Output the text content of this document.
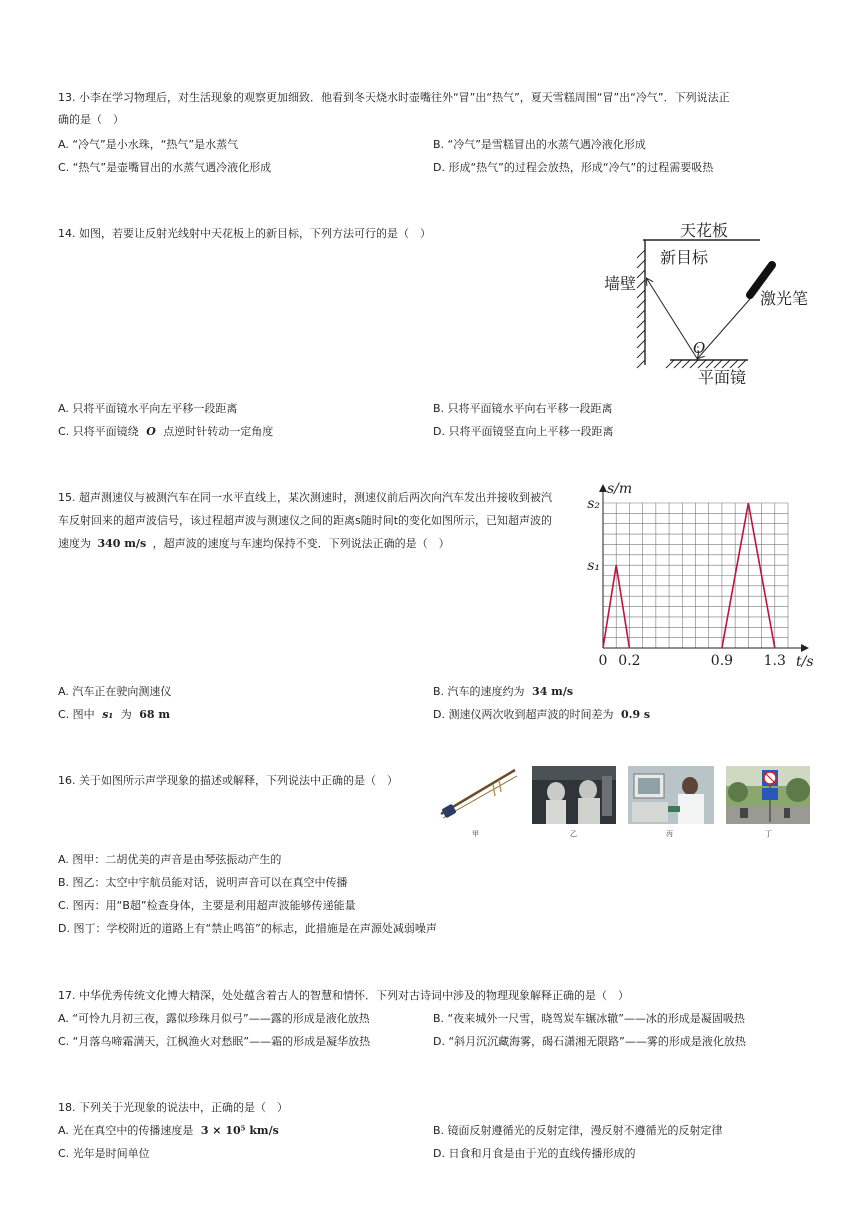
13. 小李在学习物理后，对生活现象的观察更加细致．他看到冬天烧水时壶嘴往外“冒”出“热气”，夏天雪糕周围“冒”出“冷气”．下列说法正
确的是（　）
A. “冷气”是小水珠，“热气”是水蒸气	B. “冷气”是雪糕冒出的水蒸气遇冷液化形成
C. “热气”是壶嘴冒出的水蒸气遇冷液化形成	D. 形成“热气”的过程会放热，形成“冷气”的过程需要吸热
14. 如图，若要让反射光线射中天花板上的新目标，下列方法可行的是（　）	天花板
新目标
墙壁
激光笔
O
平面镜
A. 只将平面镜水平向左平移一段距离	B. 只将平面镜水平向右平移一段距离
C. 只将平面镜绕 O 点逆时针转动一定角度	D. 只将平面镜竖直向上平移一段距离
15. 超声测速仪与被测汽车在同一水平直线上，某次测速时，测速仪前后两次向汽车发出并接收到被汽
车反射回来的超声波信号，该过程超声波与测速仪之间的距离s随时间t的变化如图所示，已知超声波的
速度为 340 m/s ，超声波的速度与车速均保持不变．下列说法正确的是（　）
0 0.2	0.9 1.3
s₁
s₂
s/m
t/s
A. 汽车正在驶向测速仪	B. 汽车的速度约为 34 m/s
C. 图中 s₁ 为 68 m	D. 测速仪两次收到超声波的时间差为 0.9 s
16. 关于如图所示声学现象的描述或解释，下列说法中正确的是（　）
甲	乙	丙	丁
A. 图甲：二胡优美的声音是由琴弦振动产生的
B. 图乙：太空中宇航员能对话，说明声音可以在真空中传播
C. 图丙：用“B超”检查身体，主要是利用超声波能够传递能量
D. 图丁：学校附近的道路上有“禁止鸣笛”的标志，此措施是在声源处减弱噪声
17. 中华优秀传统文化博大精深，处处蕴含着古人的智慧和情怀．下列对古诗词中涉及的物理现象解释正确的是（　）
A. “可怜九月初三夜，露似珍珠月似弓”——露的形成是液化放热	B. “夜来城外一尺雪，晓驾炭车辗冰辙”——冰的形成是凝固吸热
C. “月落乌啼霜满天，江枫渔火对愁眠”——霜的形成是凝华放热	D. “斜月沉沉藏海雾，碣石潇湘无限路”——雾的形成是液化放热
18. 下列关于光现象的说法中，正确的是（　）
A. 光在真空中的传播速度是 3 × 10⁵ km/s	B. 镜面反射遵循光的反射定律，漫反射不遵循光的反射定律
C. 光年是时间单位	D. 日食和月食是由于光的直线传播形成的
